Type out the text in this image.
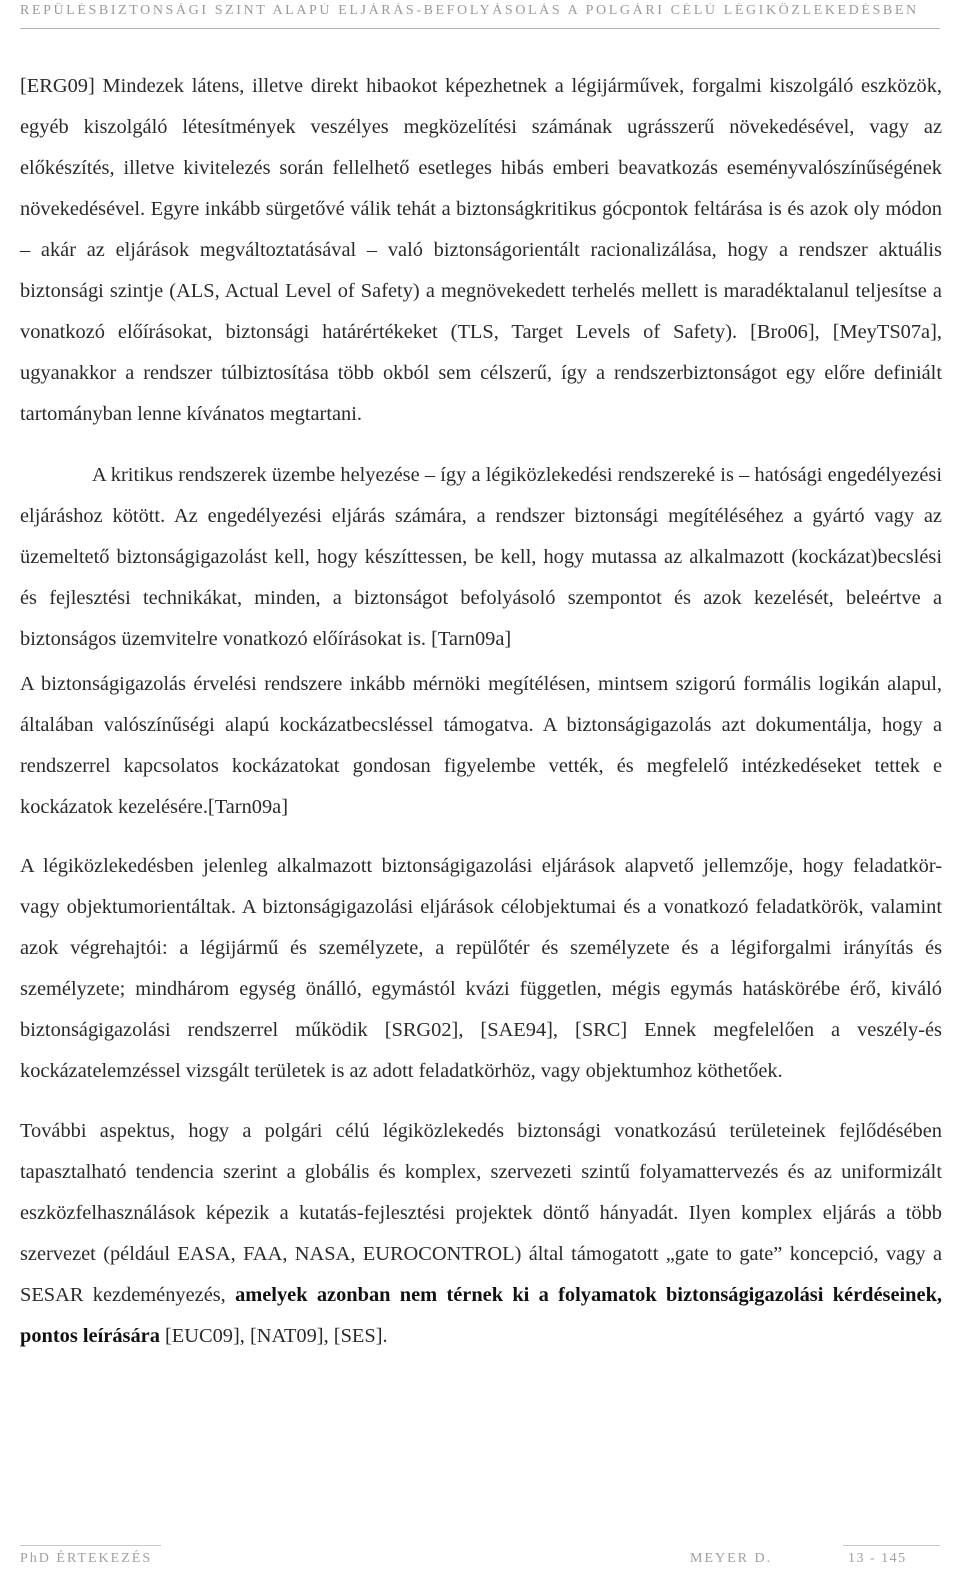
REPÜLÉSBIZTONSÁGI SZINT ALAPÚ ELJÁRÁS-BEFOLYÁSOLÁS A POLGÁRI CÉLÚ LÉGIKÖZLEKEDÉSBEN

[ERG09] Mindezek látens, illetve direkt hibaokot képezhetnek a légijárművek, forgalmi kiszolgáló eszközök, egyéb kiszolgáló létesítmények veszélyes megközelítési számának ugrásszerű növekedésével, vagy az előkészítés, illetve kivitelezés során fellelhető esetleges hibás emberi beavatkozás eseményvalószínűségének növekedésével. Egyre inkább sürgetővé válik tehát a biztonságkritikus gócpontok feltárása is és azok oly módon – akár az eljárások megváltoztatásával – való biztonságorientált racionalizálása, hogy a rendszer aktuális biztonsági szintje (ALS, Actual Level of Safety) a megnövekedett terhelés mellett is maradéktalanul teljesítse a vonatkozó előírásokat, biztonsági határértékeket (TLS, Target Levels of Safety). [Bro06], [MeyTS07a], ugyanakkor a rendszer túlbiztosítása több okból sem célszerű, így a rendszerbiztonságot egy előre definiált tartományban lenne kívánatos megtartani.

A kritikus rendszerek üzembe helyezése – így a légiközlekedési rendszereké is – hatósági engedélyezési eljáráshoz kötött. Az engedélyezési eljárás számára, a rendszer biztonsági megítéléséhez a gyártó vagy az üzemeltető biztonságigazolást kell, hogy készíttessen, be kell, hogy mutassa az alkalmazott (kockázat)becslési és fejlesztési technikákat, minden, a biztonságot befolyásoló szempontot és azok kezelését, beleértve a biztonságos üzemvitelre vonatkozó előírásokat is. [Tarn09a]

A biztonságigazolás érvelési rendszere inkább mérnöki megítélésen, mintsem szigorú formális logikán alapul, általában valószínűségi alapú kockázatbecsléssel támogatva. A biztonságigazolás azt dokumentálja, hogy a rendszerrel kapcsolatos kockázatokat gondosan figyelembe vették, és megfelelő intézkedéseket tettek e kockázatok kezelésére.[Tarn09a]

A légiközlekedésben jelenleg alkalmazott biztonságigazolási eljárások alapvető jellemzője, hogy feladatkör- vagy objektumorientáltak. A biztonságigazolási eljárások célobjektumai és a vonatkozó feladatkörök, valamint azok végrehajtói: a légijármű és személyzete, a repülőtér és személyzete és a légiforgalmi irányítás és személyzete; mindhárom egység önálló, egymástól kvázi független, mégis egymás hatáskörébe érő, kiváló biztonságigazolási rendszerrel működik [SRG02], [SAE94], [SRC] Ennek megfelelően a veszély-és kockázatelemzéssel vizsgált területek is az adott feladatkörhöz, vagy objektumhoz köthetőek.

További aspektus, hogy a polgári célú légiközlekedés biztonsági vonatkozású területeinek fejlődésében tapasztalható tendencia szerint a globális és komplex, szervezeti szintű folyamattervezés és az uniformizált eszközfelhasználások képezik a kutatás-fejlesztési projektek döntő hányadát. Ilyen komplex eljárás a több szervezet (például EASA, FAA, NASA, EUROCONTROL) által támogatott „gate to gate” koncepció, vagy a SESAR kezdeményezés, amelyek azonban nem térnek ki a folyamatok biztonságigazolási kérdéseinek, pontos leírására [EUC09], [NAT09], [SES].

PhD ÉRTEKEZÉS	MEYER D.	13 - 145
